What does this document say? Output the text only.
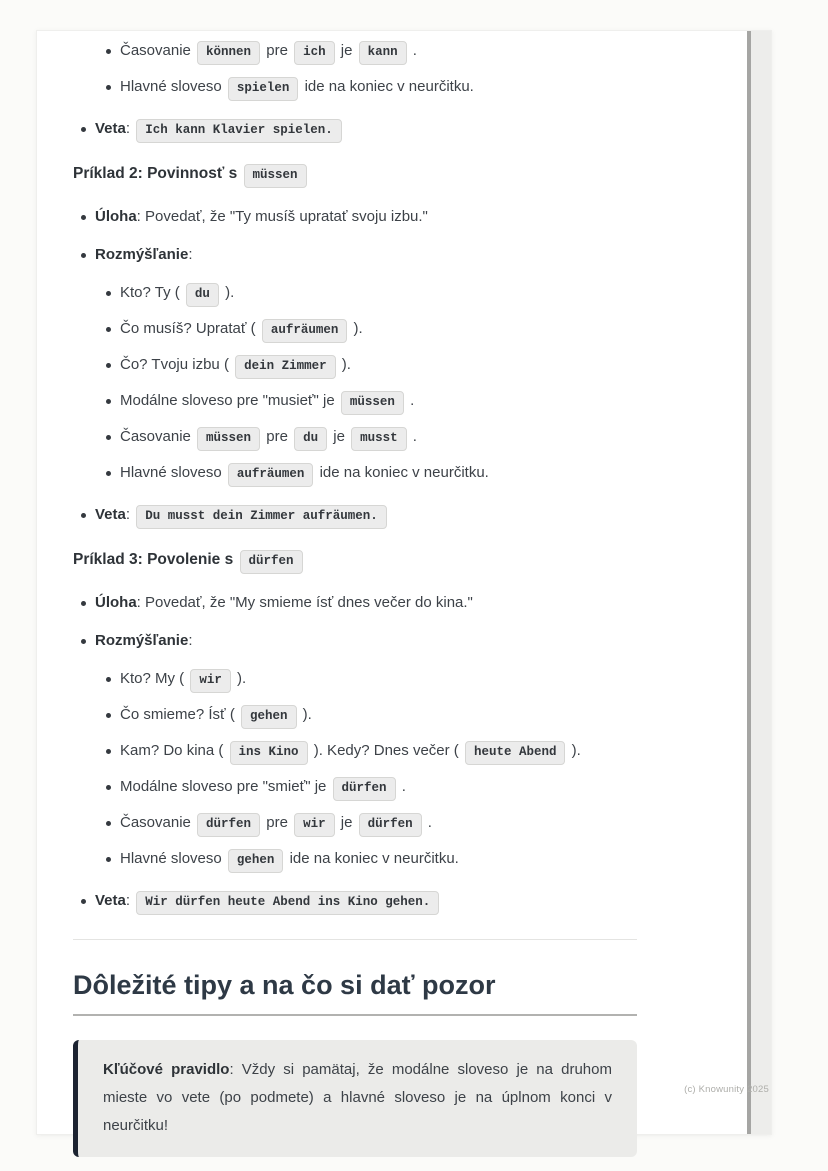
Časovanie können pre ich je kann .
Hlavné sloveso spielen ide na koniec v neurčitku.
Veta: Ich kann Klavier spielen.
Príklad 2: Povinnosť s müssen
Úloha: Povedať, že "Ty musíš upratať svoju izbu."
Rozmýšľanie:
Kto? Ty ( du ).
Čo musíš? Upratať ( aufräumen ).
Čo? Tvoju izbu ( dein Zimmer ).
Modálne sloveso pre "musieť" je müssen .
Časovanie müssen pre du je musst .
Hlavné sloveso aufräumen ide na koniec v neurčitku.
Veta: Du musst dein Zimmer aufräumen.
Príklad 3: Povolenie s dürfen
Úloha: Povedať, že "My smieme ísť dnes večer do kina."
Rozmýšľanie:
Kto? My ( wir ).
Čo smieme? Ísť ( gehen ).
Kam? Do kina ( ins Kino ). Kedy? Dnes večer ( heute Abend ).
Modálne sloveso pre "smieť" je dürfen .
Časovanie dürfen pre wir je dürfen .
Hlavné sloveso gehen ide na koniec v neurčitku.
Veta: Wir dürfen heute Abend ins Kino gehen.
Dôležité tipy a na čo si dať pozor
Kľúčové pravidlo: Vždy si pamätaj, že modálne sloveso je na druhom mieste vo vete (po podmete) a hlavné sloveso je na úplnom konci v neurčitku!
(c) Knowunity 2025
